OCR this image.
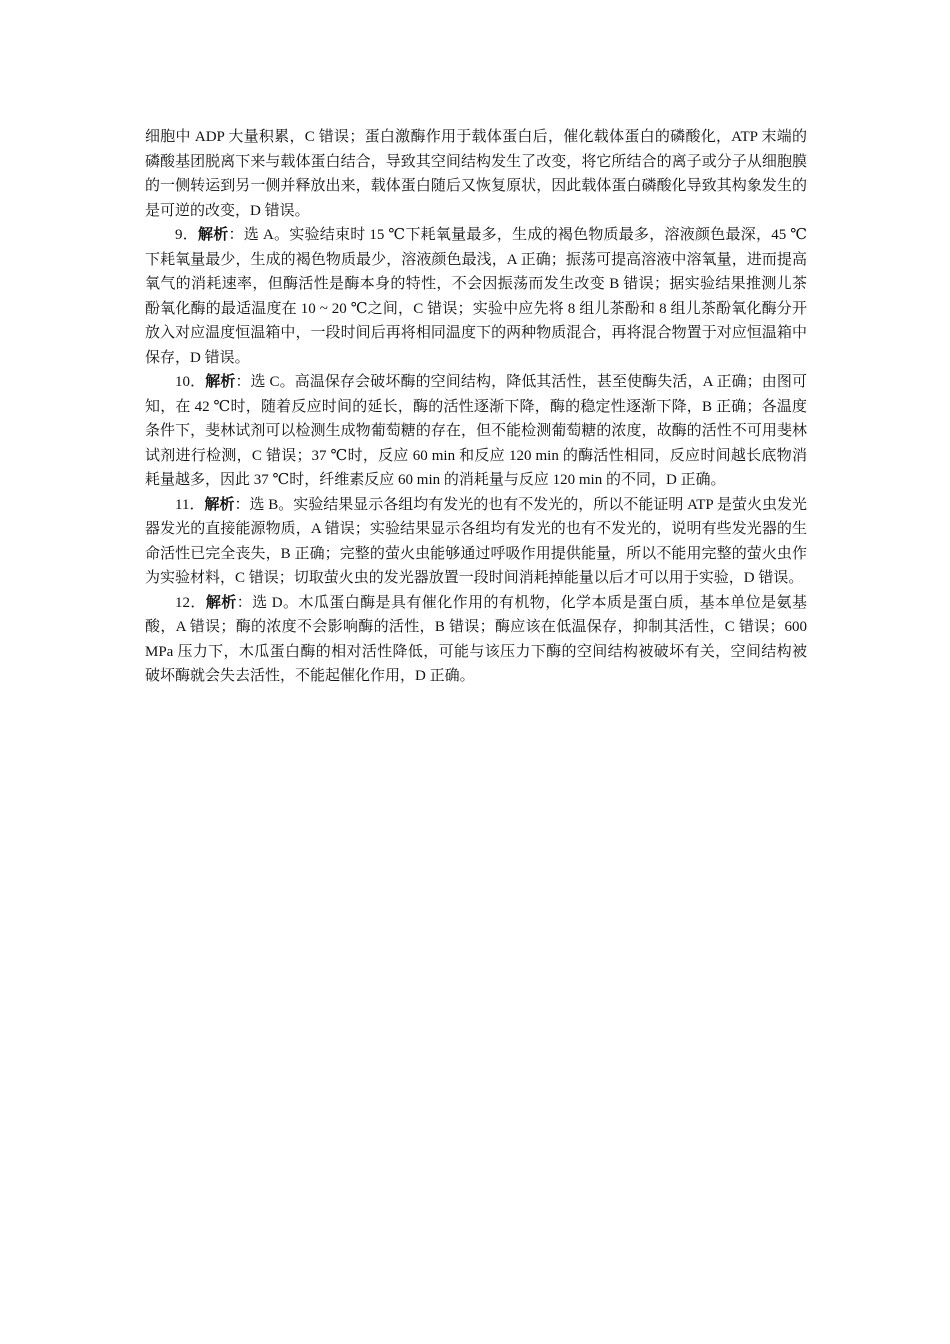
细胞中 ADP 大量积累，C 错误；蛋白激酶作用于载体蛋白后，催化载体蛋白的磷酸化，ATP 末端的磷酸基团脱离下来与载体蛋白结合，导致其空间结构发生了改变，将它所结合的离子或分子从细胞膜的一侧转运到另一侧并释放出来，载体蛋白随后又恢复原状，因此载体蛋白磷酸化导致其构象发生的是可逆的改变，D 错误。

9．解析：选 A。实验结束时 15 ℃下耗氧量最多，生成的褐色物质最多，溶液颜色最深，45 ℃下耗氧量最少，生成的褐色物质最少，溶液颜色最浅，A 正确；振荡可提高溶液中溶氧量，进而提高氧气的消耗速率，但酶活性是酶本身的特性，不会因振荡而发生改变 B 错误；据实验结果推测儿茶酚氧化酶的最适温度在 10 ~ 20 ℃之间，C 错误；实验中应先将 8 组儿茶酚和 8 组儿茶酚氧化酶分开放入对应温度恒温箱中，一段时间后再将相同温度下的两种物质混合，再将混合物置于对应恒温箱中保存，D 错误。

10．解析：选 C。高温保存会破坏酶的空间结构，降低其活性，甚至使酶失活，A 正确；由图可知，在 42 ℃时，随着反应时间的延长，酶的活性逐渐下降，酶的稳定性逐渐下降，B 正确；各温度条件下，斐林试剂可以检测生成物葡萄糖的存在，但不能检测葡萄糖的浓度，故酶的活性不可用斐林试剂进行检测，C 错误；37 ℃时，反应 60 min 和反应 120 min 的酶活性相同，反应时间越长底物消耗量越多，因此 37 ℃时，纤维素反应 60 min 的消耗量与反应 120 min 的不同，D 正确。

11．解析：选 B。实验结果显示各组均有发光的也有不发光的，所以不能证明 ATP 是萤火虫发光器发光的直接能源物质，A 错误；实验结果显示各组均有发光的也有不发光的，说明有些发光器的生命活性已完全丧失，B 正确；完整的萤火虫能够通过呼吸作用提供能量，所以不能用完整的萤火虫作为实验材料，C 错误；切取萤火虫的发光器放置一段时间消耗掉能量以后才可以用于实验，D 错误。

12．解析：选 D。木瓜蛋白酶是具有催化作用的有机物，化学本质是蛋白质，基本单位是氨基酸，A 错误；酶的浓度不会影响酶的活性，B 错误；酶应该在低温保存，抑制其活性，C 错误；600 MPa 压力下，木瓜蛋白酶的相对活性降低，可能与该压力下酶的空间结构被破坏有关，空间结构被破坏酶就会失去活性，不能起催化作用，D 正确。
